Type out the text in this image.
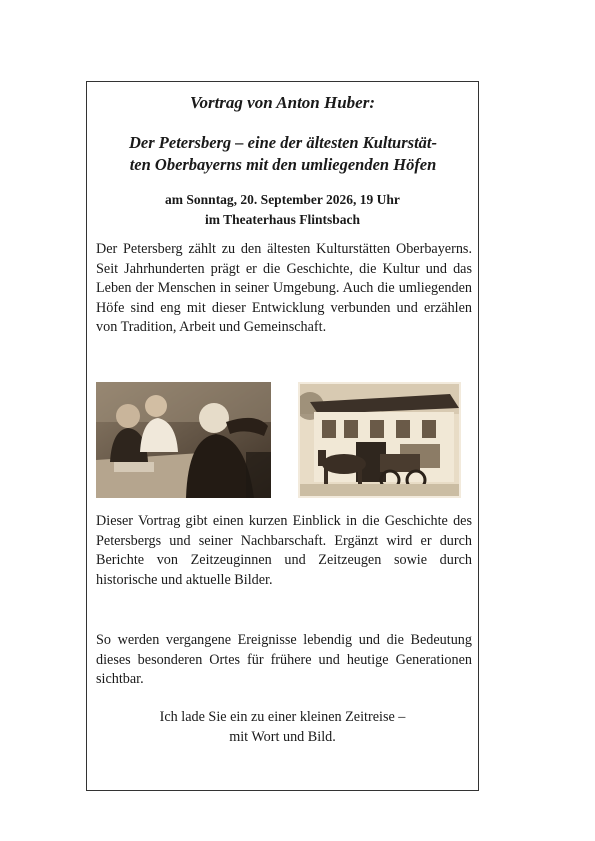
Vortrag von Anton Huber:
Der Petersberg – eine der ältesten Kulturstät-
ten Oberbayerns mit den umliegenden Höfen
am Sonntag, 20. September 2026, 19 Uhr
im Theaterhaus Flintsbach

Der Petersberg zählt zu den ältesten Kulturstätten Oberbayerns. Seit Jahrhunderten prägt er die Geschichte, die Kultur und das Leben der Menschen in seiner Umgebung. Auch die umliegenden Höfe sind eng mit dieser Entwicklung verbunden und erzählen von Tradition, Arbeit und Gemeinschaft.

Dieser Vortrag gibt einen kurzen Einblick in die Geschichte des Petersbergs und seiner Nachbarschaft. Ergänzt wird er durch Berichte von Zeitzeuginnen und Zeitzeugen sowie durch historische und aktuelle Bilder.

So werden vergangene Ereignisse lebendig und die Bedeutung dieses besonderen Ortes für frühere und heutige Generationen sichtbar.

Ich lade Sie ein zu einer kleinen Zeitreise –
mit Wort und Bild.
